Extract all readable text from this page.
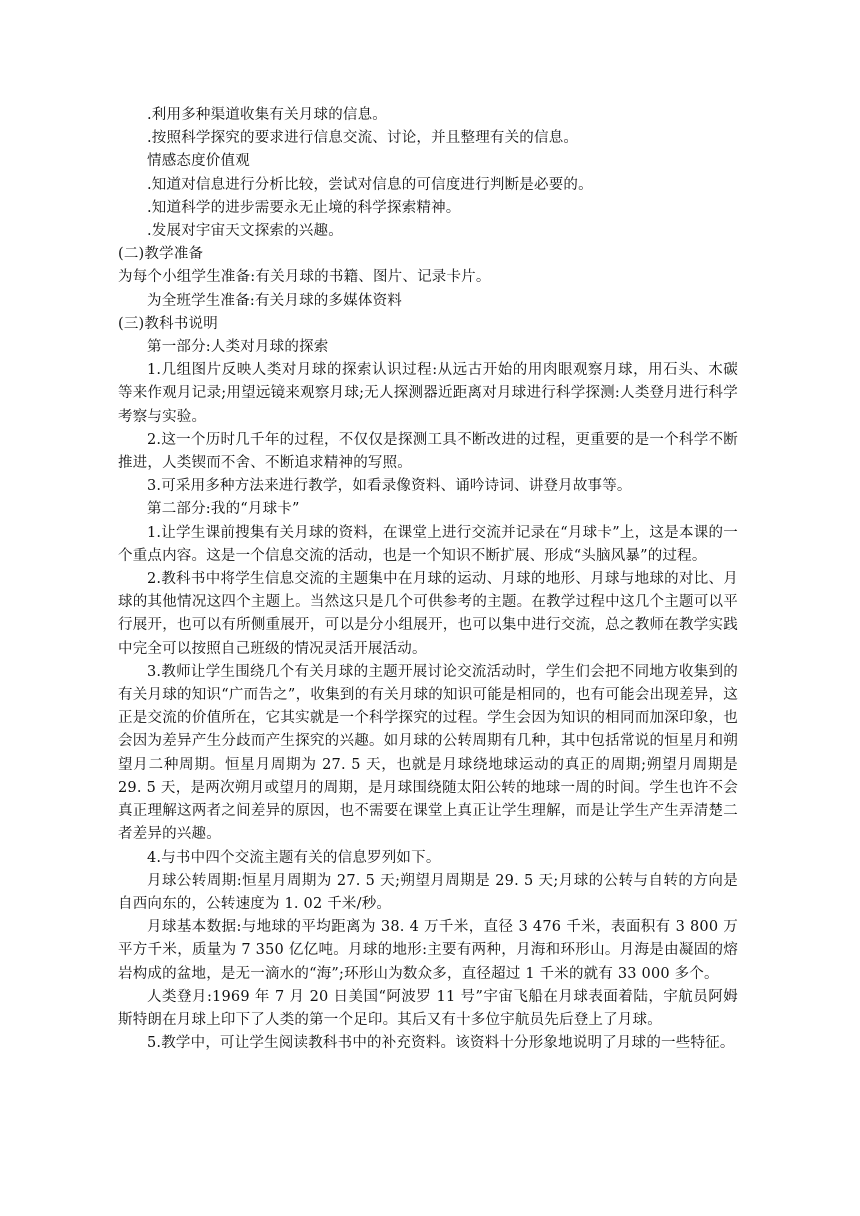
.利用多种渠道收集有关月球的信息。

.按照科学探究的要求进行信息交流、讨论，并且整理有关的信息。

情感态度价值观

.知道对信息进行分析比较，尝试对信息的可信度进行判断是必要的。

.知道科学的进步需要永无止境的科学探索精神。

.发展对宇宙天文探索的兴趣。

(二)教学准备

为每个小组学生准备:有关月球的书籍、图片、记录卡片。

为全班学生准备:有关月球的多媒体资料

(三)教科书说明

第一部分:人类对月球的探索

1.几组图片反映人类对月球的探索认识过程:从远古开始的用肉眼观察月球，用石头、木碳等来作观月记录;用望远镜来观察月球;无人探测器近距离对月球进行科学探测:人类登月进行科学考察与实验。

2.这一个历时几千年的过程，不仅仅是探测工具不断改进的过程，更重要的是一个科学不断推进，人类锲而不舍、不断追求精神的写照。

3.可采用多种方法来进行教学，如看录像资料、诵吟诗词、讲登月故事等。

第二部分:我的“月球卡”

1.让学生课前搜集有关月球的资料，在课堂上进行交流并记录在“月球卡”上，这是本课的一个重点内容。这是一个信息交流的活动，也是一个知识不断扩展、形成“头脑风暴”的过程。

2.教科书中将学生信息交流的主题集中在月球的运动、月球的地形、月球与地球的对比、月球的其他情况这四个主题上。当然这只是几个可供参考的主题。在教学过程中这几个主题可以平行展开，也可以有所侧重展开，可以是分小组展开，也可以集中进行交流，总之教师在教学实践中完全可以按照自己班级的情况灵活开展活动。

3.教师让学生围绕几个有关月球的主题开展讨论交流活动时，学生们会把不同地方收集到的有关月球的知识“广而告之”，收集到的有关月球的知识可能是相同的，也有可能会出现差异，这正是交流的价值所在，它其实就是一个科学探究的过程。学生会因为知识的相同而加深印象，也会因为差异产生分歧而产生探究的兴趣。如月球的公转周期有几种，其中包括常说的恒星月和朔望月二种周期。恒星月周期为 27. 5 天，也就是月球绕地球运动的真正的周期;朔望月周期是 29. 5 天，是两次朔月或望月的周期，是月球围绕随太阳公转的地球一周的时间。学生也许不会真正理解这两者之间差异的原因，也不需要在课堂上真正让学生理解，而是让学生产生弄清楚二者差异的兴趣。

4.与书中四个交流主题有关的信息罗列如下。

月球公转周期:恒星月周期为 27. 5 天;朔望月周期是 29. 5 天;月球的公转与自转的方向是自西向东的，公转速度为 1. 02 千米/秒。

月球基本数据:与地球的平均距离为 38. 4 万千米，直径 3 476 千米，表面积有 3 800 万平方千米，质量为 7 350 亿亿吨。月球的地形:主要有两种，月海和环形山。月海是由凝固的熔岩构成的盆地，是无一滴水的“海”;环形山为数众多，直径超过 1 千米的就有 33 000 多个。

人类登月:1969 年 7 月 20 日美国“阿波罗 11 号”宇宙飞船在月球表面着陆，宇航员阿姆斯特朗在月球上印下了人类的第一个足印。其后又有十多位宇航员先后登上了月球。

5.教学中，可让学生阅读教科书中的补充资料。该资料十分形象地说明了月球的一些特征。
